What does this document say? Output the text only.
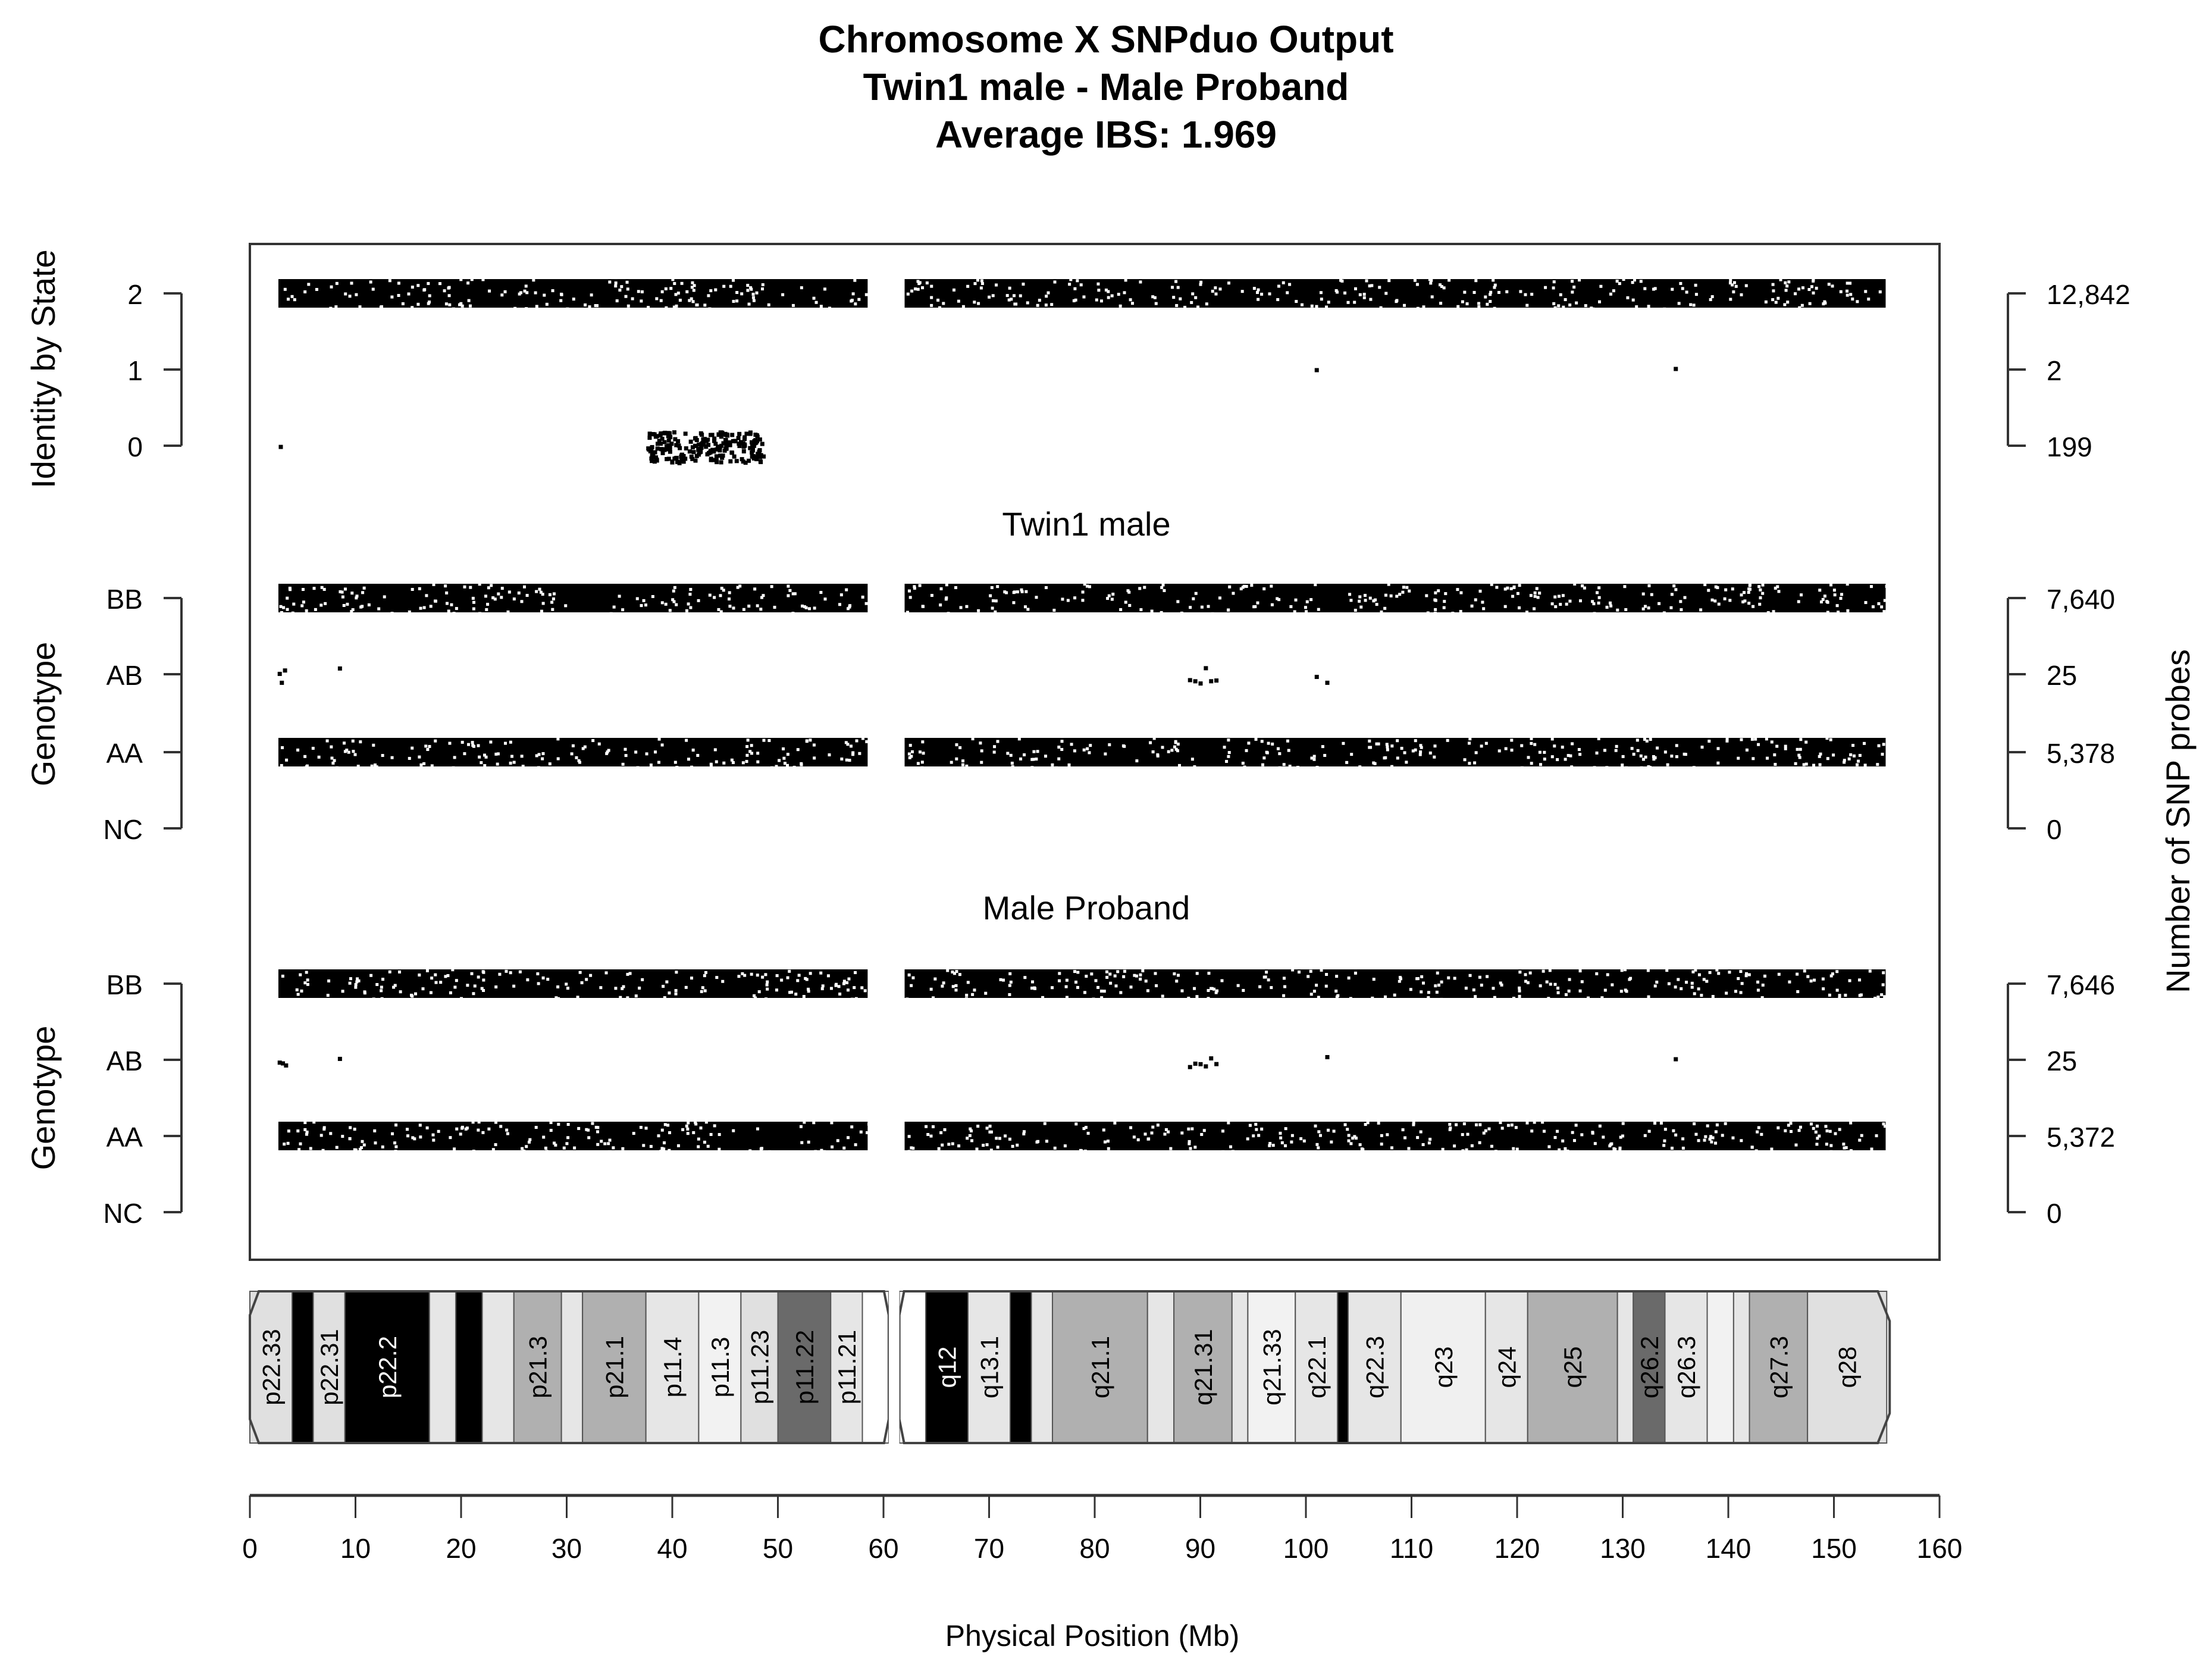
Chromosome X SNPduo Output
Twin1 male - Male Proband
Average IBS: 1.969
2
1
0
BB
AB
AA
NC
BB
AB
AA
NC
12,842
2
199
7,640
25
5,378
0
7,646
25
5,372
0
Twin1 male
Male Proband
p22.33 p22.31 p22.2	p21.3 p21.1 p11.4 p11.3 p11.23 p11.22 p11.21	q12 q13.1	q21.1	q21.31 q21.33 q22.1 q22.3 q23 q24 q25 q26.2 q26.3	q27.3 q28
0	10	20	30	40	50	60	70	80	90 100 110 120 130 140 150 160
Physical Position (Mb)
Identity by State
Genotype
Genotype
Number of SNP probes
